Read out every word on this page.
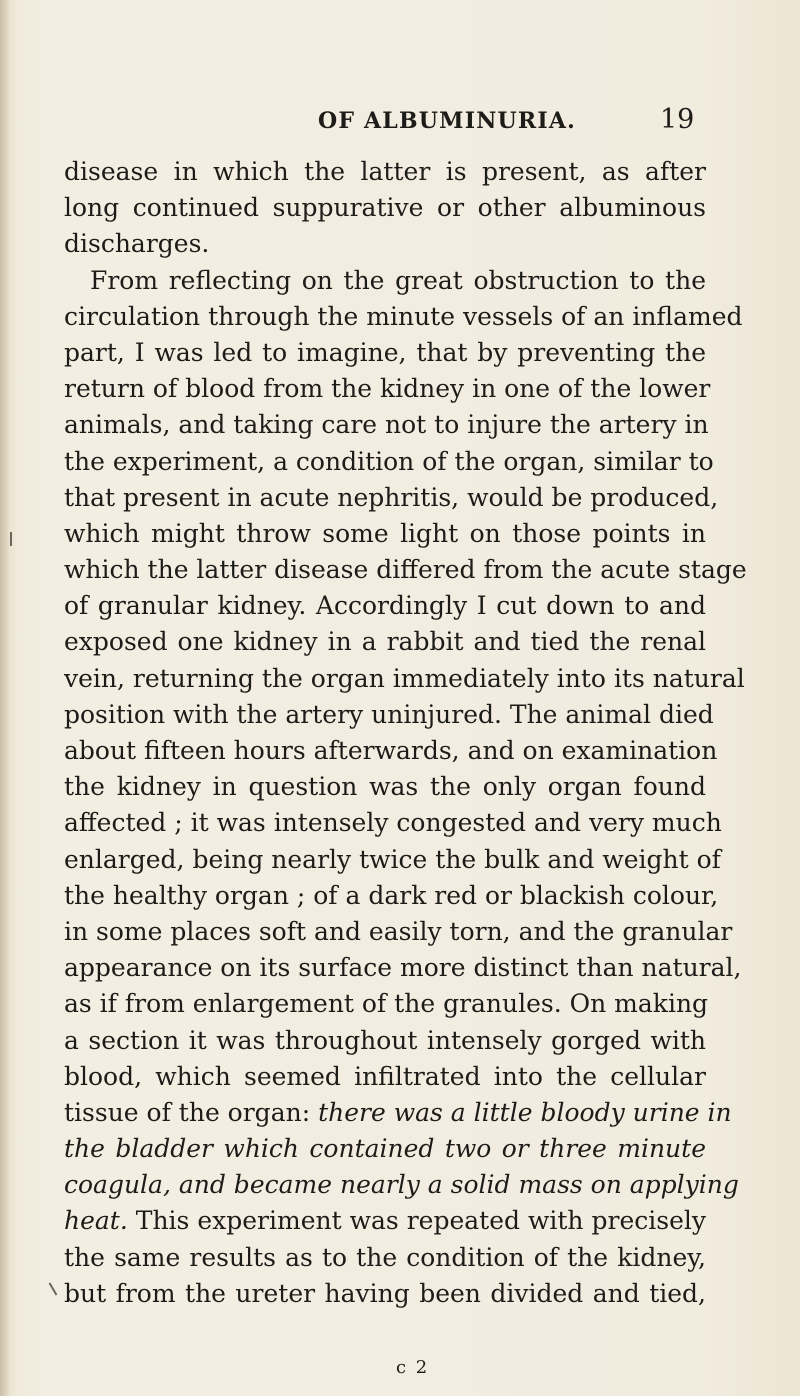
OF ALBUMINURIA.	19
disease in which the latter is present, as after
long continued suppurative or other albuminous
discharges.
From reflecting on the great obstruction to the
circulation through the minute vessels of an inflamed
part, I was led to imagine, that by preventing the
return of blood from the kidney in one of the lower
animals, and taking care not to injure the artery in
the experiment, a condition of the organ, similar to
that present in acute nephritis, would be produced,
which might throw some light on those points in
which the latter disease differed from the acute stage
of granular kidney. Accordingly I cut down to and
exposed one kidney in a rabbit and tied the renal
vein, returning the organ immediately into its natural
position with the artery uninjured. The animal died
about fifteen hours afterwards, and on examination
the kidney in question was the only organ found
affected ; it was intensely congested and very much
enlarged, being nearly twice the bulk and weight of
the healthy organ ; of a dark red or blackish colour,
in some places soft and easily torn, and the granular
appearance on its surface more distinct than natural,
as if from enlargement of the granules. On making
a section it was throughout intensely gorged with
blood, which seemed infiltrated into the cellular
tissue of the organ: there was a little bloody urine in
the bladder which contained two or three minute
coagula, and became nearly a solid mass on applying
heat. This experiment was repeated with precisely
the same results as to the condition of the kidney,
but from the ureter having been divided and tied,
c 2
